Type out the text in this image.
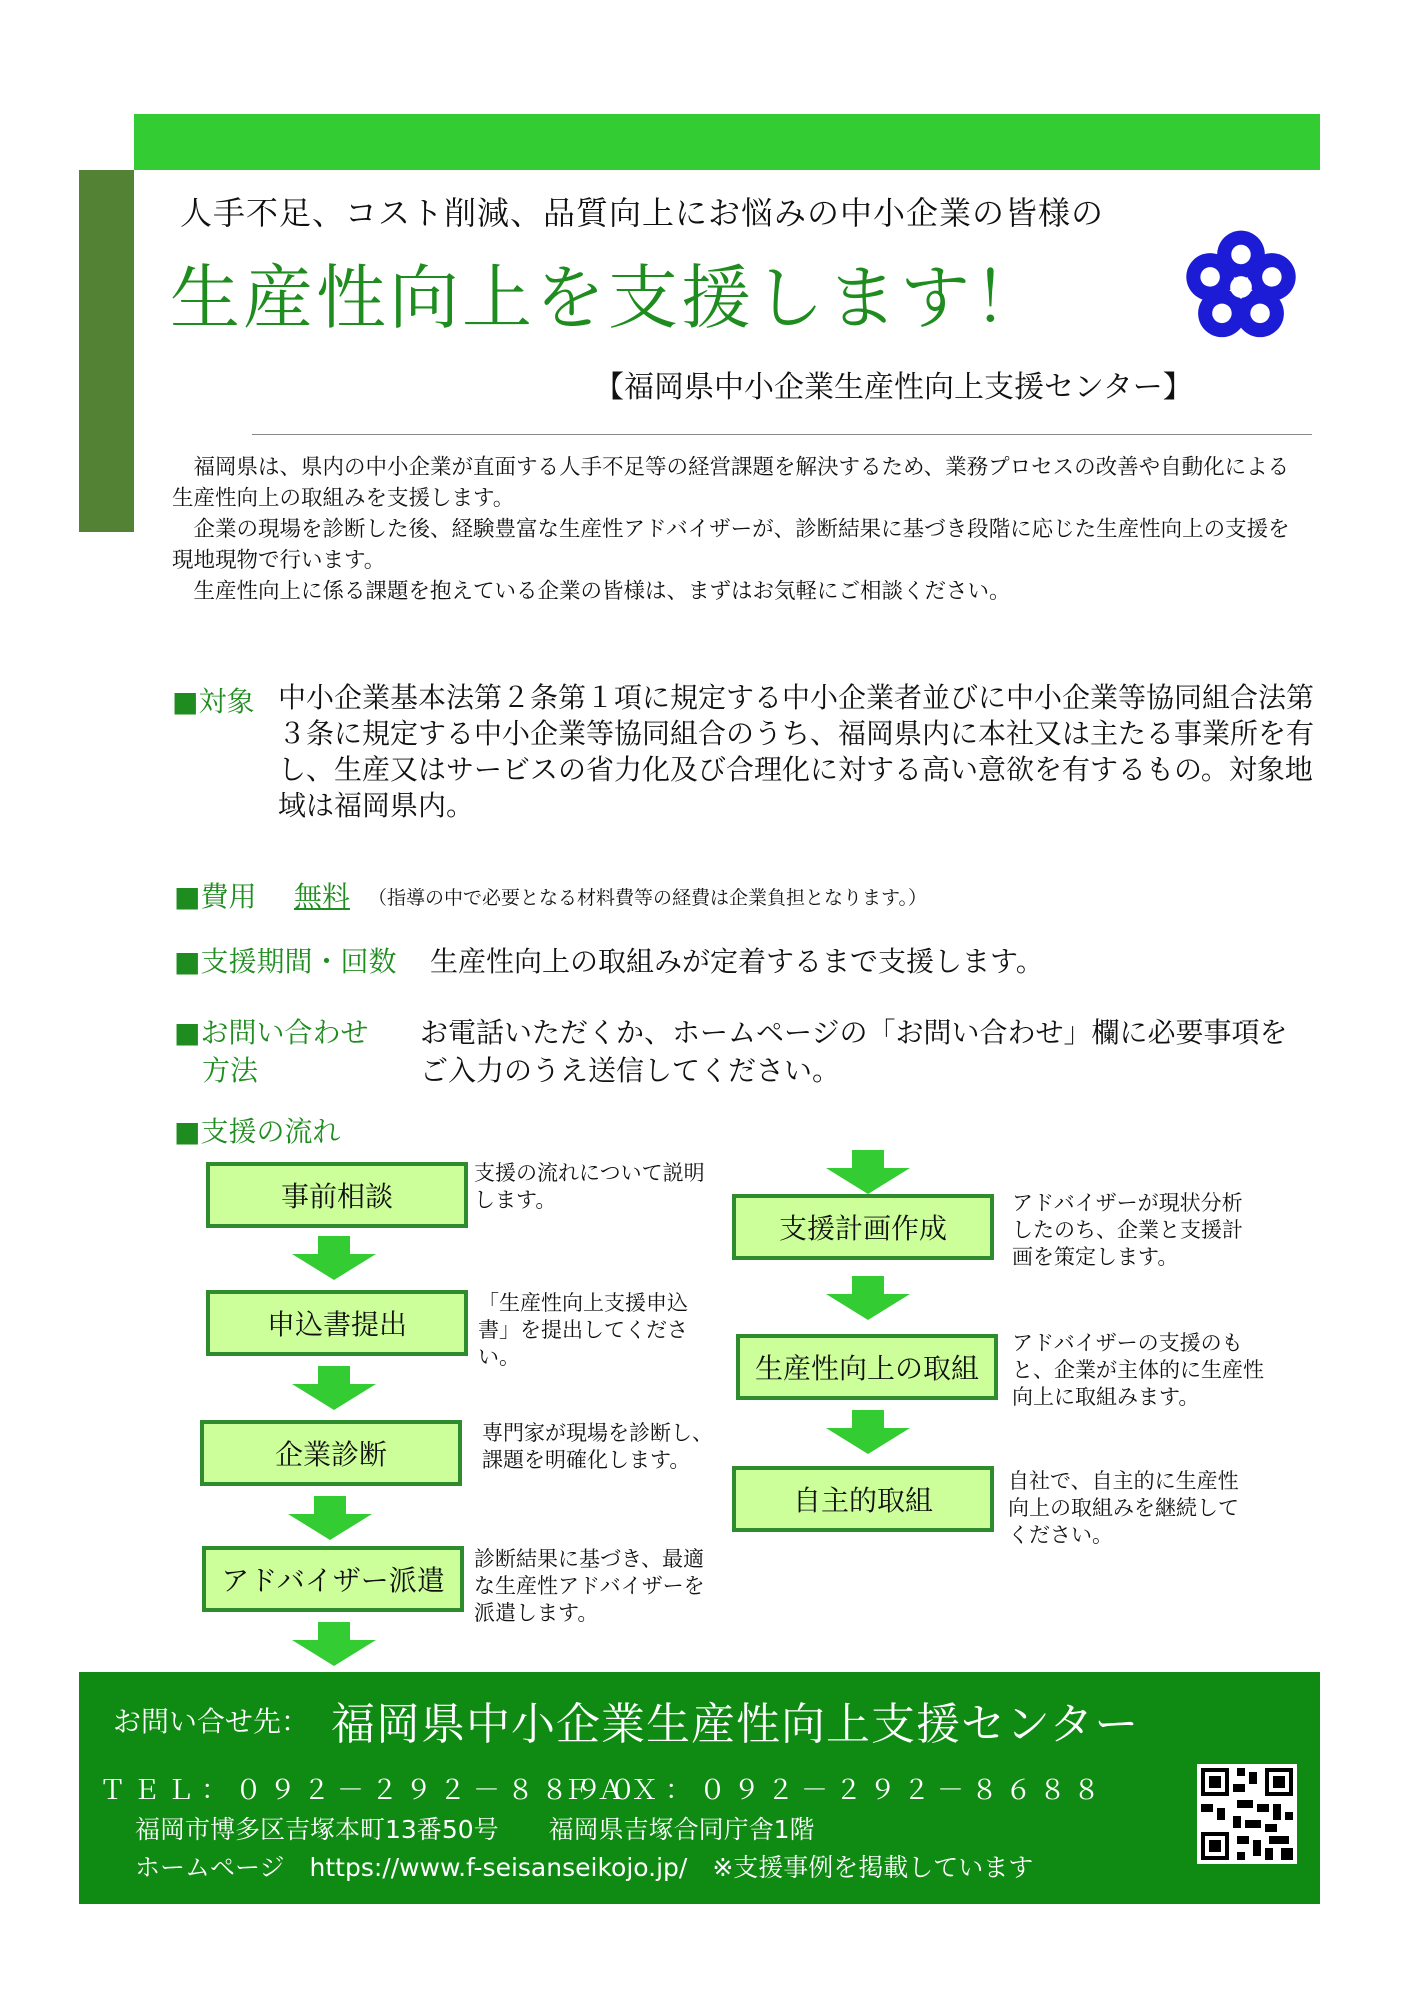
人手不足、コスト削減、品質向上にお悩みの中小企業の皆様の
生産性向上を支援します！
【福岡県中小企業生産性向上支援センター】

　福岡県は、県内の中小企業が直面する人手不足等の経営課題を解決するため、業務プロセスの改善や自動化による生産性向上の取組みを支援します。

　企業の現場を診断した後、経験豊富な生産性アドバイザーが、診断結果に基づき段階に応じた生産性向上の支援を現地現物で行います。

　生産性向上に係る課題を抱えている企業の皆様は、まずはお気軽にご相談ください。

■対象 中小企業基本法第２条第１項に規定する中小企業者並びに中小企業等協同組合法第３条に規定する中小企業等協同組合のうち、福岡県内に本社又は主たる事業所を有し、生産又はサービスの省力化及び合理化に対する高い意欲を有するもの。対象地域は福岡県内。
■費用 無料 （指導の中で必要となる材料費等の経費は企業負担となります。）
■支援期間・回数 生産性向上の取組みが定着するまで支援します。
■お問い合わせ
方法
お電話いただくか、ホームページの「お問い合わせ」欄に必要事項をご入力のうえ送信してください。
■支援の流れ
事前相談
支援の流れについて説明します。
申込書提出
「生産性向上支援申込書」を提出してください。
企業診断
専門家が現場を診断し、課題を明確化します。
アドバイザー派遣
診断結果に基づき、最適な生産性アドバイザーを派遣します。
支援計画作成
アドバイザーが現状分析したのち、企業と支援計画を策定します。
生産性向上の取組
アドバイザーの支援のもと、企業が主体的に生産性向上に取組みます。
自主的取組
自社で、自主的に生産性向上の取組みを継続してください。
お問い合せ先： 福岡県中小企業生産性向上支援センター
ＴＥＬ：０９２－２９２－８８９０
ＦＡＸ：０９２－２９２－８６８８
福岡市博多区吉塚本町13番50号　　福岡県吉塚合同庁舎1階
ホームページ　https://www.f-seisanseikojo.jp/　※支援事例を掲載しています
